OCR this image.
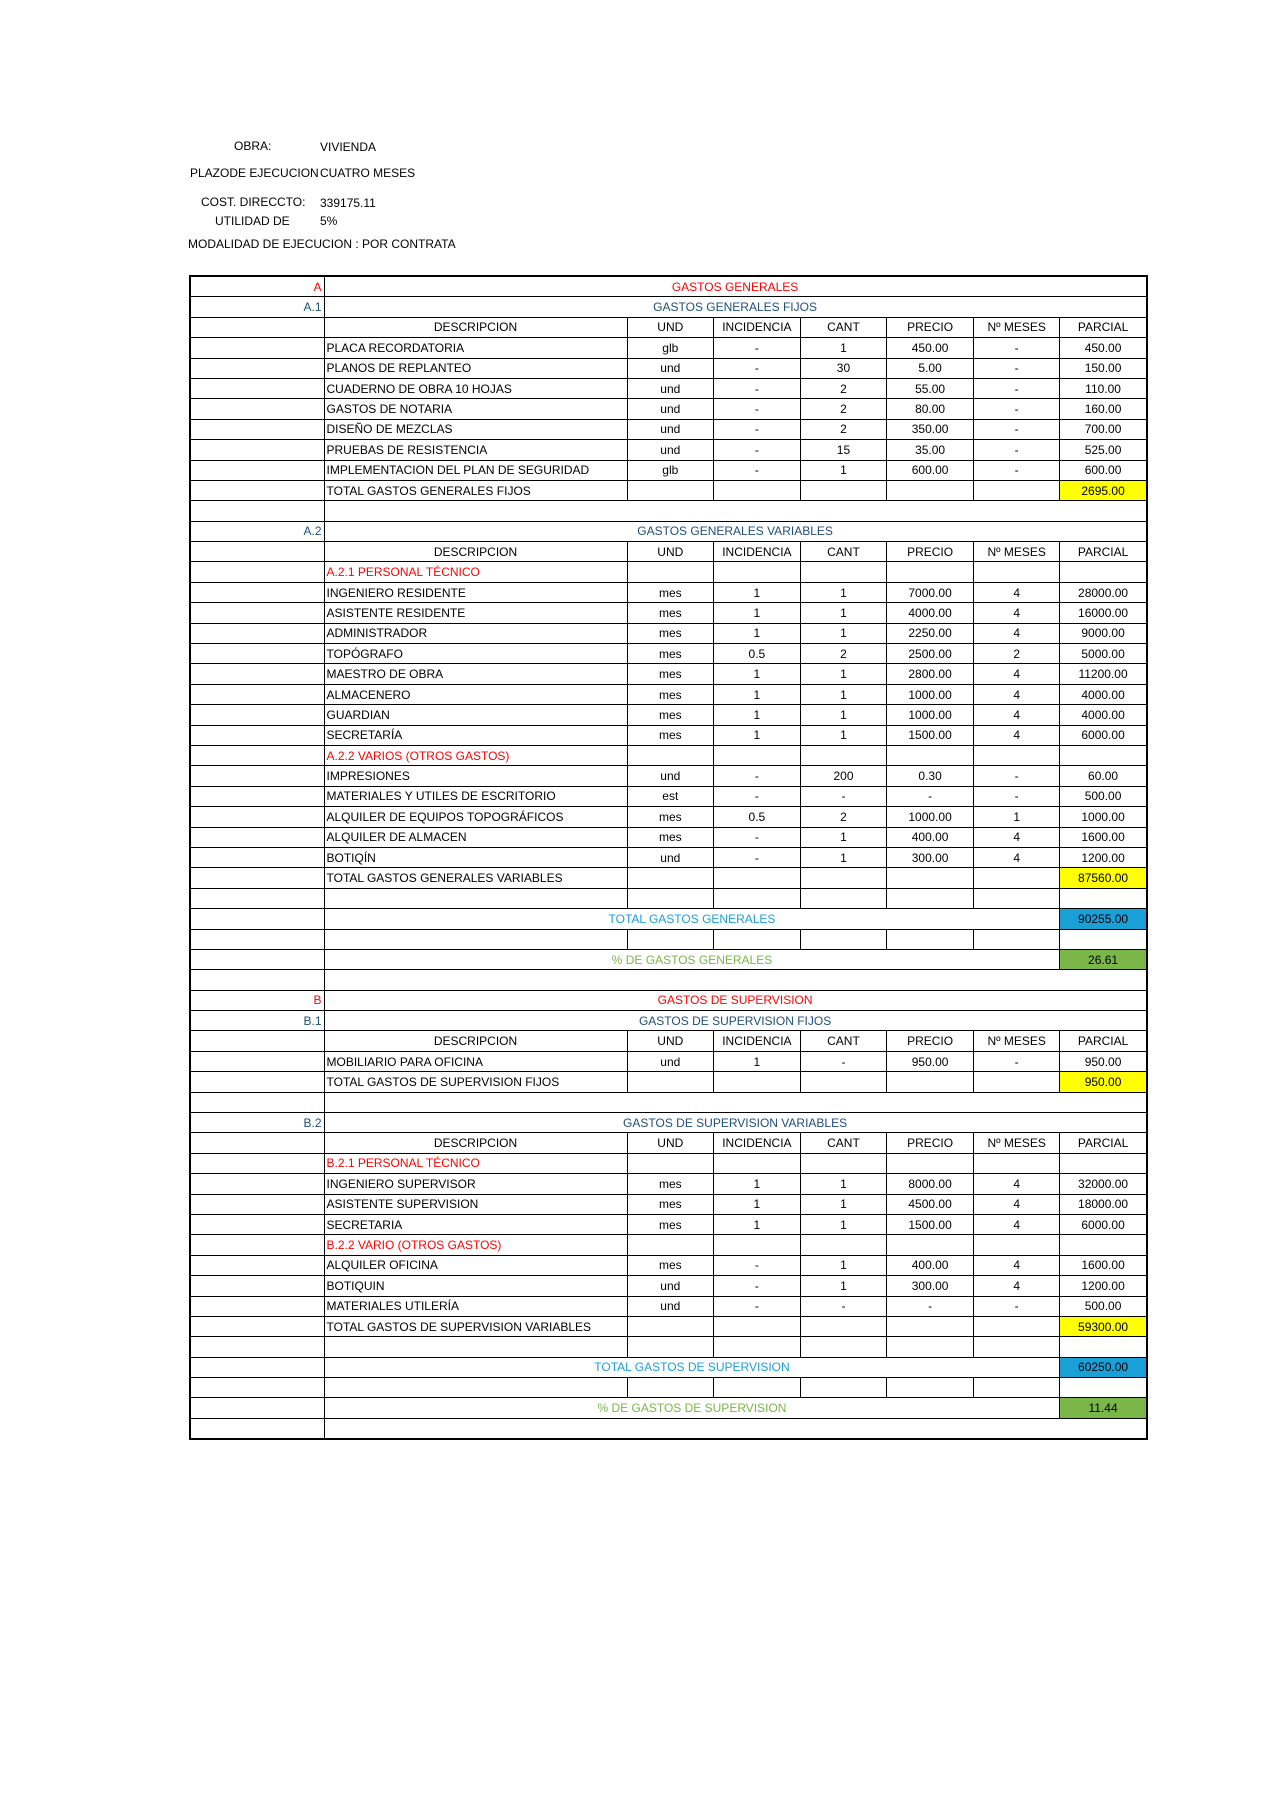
OBRA:	VIVIENDA
PLAZODE EJECUCION CUATRO MESES
COST. DIRECCTO: 339175.11
UTILIDAD DE	5%
MODALIDAD DE EJECUCION : POR CONTRATA
A	GASTOS GENERALES						
A.1	GASTOS GENERALES FIJOS						
	DESCRIPCION	UND	INCIDENCIA	CANT	PRECIO	Nº MESES	PARCIAL
	PLACA RECORDATORIA	glb	-	1	450.00	-	450.00
	PLANOS DE REPLANTEO	und	-	30	5.00	-	150.00
	CUADERNO DE OBRA 10 HOJAS	und	-	2	55.00	-	110.00
	GASTOS DE NOTARIA	und	-	2	80.00	-	160.00
	DISEÑO DE MEZCLAS	und	-	2	350.00	-	700.00
	PRUEBAS DE RESISTENCIA	und	-	15	35.00	-	525.00
	IMPLEMENTACION DEL PLAN DE SEGURIDAD	glb	-	1	600.00	-	600.00
	TOTAL GASTOS GENERALES FIJOS						2695.00

A.2	GASTOS GENERALES VARIABLES						
	DESCRIPCION	UND	INCIDENCIA	CANT	PRECIO	Nº MESES	PARCIAL
	A.2.1 PERSONAL TÉCNICO						
	INGENIERO RESIDENTE	mes	1	1	7000.00	4	28000.00
	ASISTENTE RESIDENTE	mes	1	1	4000.00	4	16000.00
	ADMINISTRADOR	mes	1	1	2250.00	4	9000.00
	TOPÓGRAFO	mes	0.5	2	2500.00	2	5000.00
	MAESTRO DE OBRA	mes	1	1	2800.00	4	11200.00
	ALMACENERO	mes	1	1	1000.00	4	4000.00
	GUARDIAN	mes	1	1	1000.00	4	4000.00
	SECRETARÍA	mes	1	1	1500.00	4	6000.00
	A.2.2 VARIOS (OTROS GASTOS)						
	IMPRESIONES	und	-	200	0.30	-	60.00
	MATERIALES Y UTILES DE ESCRITORIO	est	-	-	-	-	500.00
	ALQUILER DE EQUIPOS TOPOGRÁFICOS	mes	0.5	2	1000.00	1	1000.00
	ALQUILER DE ALMACEN	mes	-	1	400.00	4	1600.00
	BOTIQÍN	und	-	1	300.00	4	1200.00
	TOTAL GASTOS GENERALES VARIABLES						87560.00

	TOTAL GASTOS GENERALES						90255.00

	% DE GASTOS GENERALES						26.61

B	GASTOS DE SUPERVISION						
B.1	GASTOS DE SUPERVISION FIJOS						
	DESCRIPCION	UND	INCIDENCIA	CANT	PRECIO	Nº MESES	PARCIAL
	MOBILIARIO PARA OFICINA	und	1	-	950.00	-	950.00
	TOTAL GASTOS DE SUPERVISION FIJOS						950.00

B.2	GASTOS DE SUPERVISION VARIABLES						
	DESCRIPCION	UND	INCIDENCIA	CANT	PRECIO	Nº MESES	PARCIAL
	B.2.1 PERSONAL TÉCNICO						
	INGENIERO SUPERVISOR	mes	1	1	8000.00	4	32000.00
	ASISTENTE SUPERVISION	mes	1	1	4500.00	4	18000.00
	SECRETARIA	mes	1	1	1500.00	4	6000.00
	B.2.2 VARIO (OTROS GASTOS)						
	ALQUILER OFICINA	mes	-	1	400.00	4	1600.00
	BOTIQUIN	und	-	1	300.00	4	1200.00
	MATERIALES UTILERÍA	und	-	-	-	-	500.00
	TOTAL GASTOS DE SUPERVISION VARIABLES						59300.00

	TOTAL GASTOS DE SUPERVISION						60250.00

	% DE GASTOS DE SUPERVISION						11.44
